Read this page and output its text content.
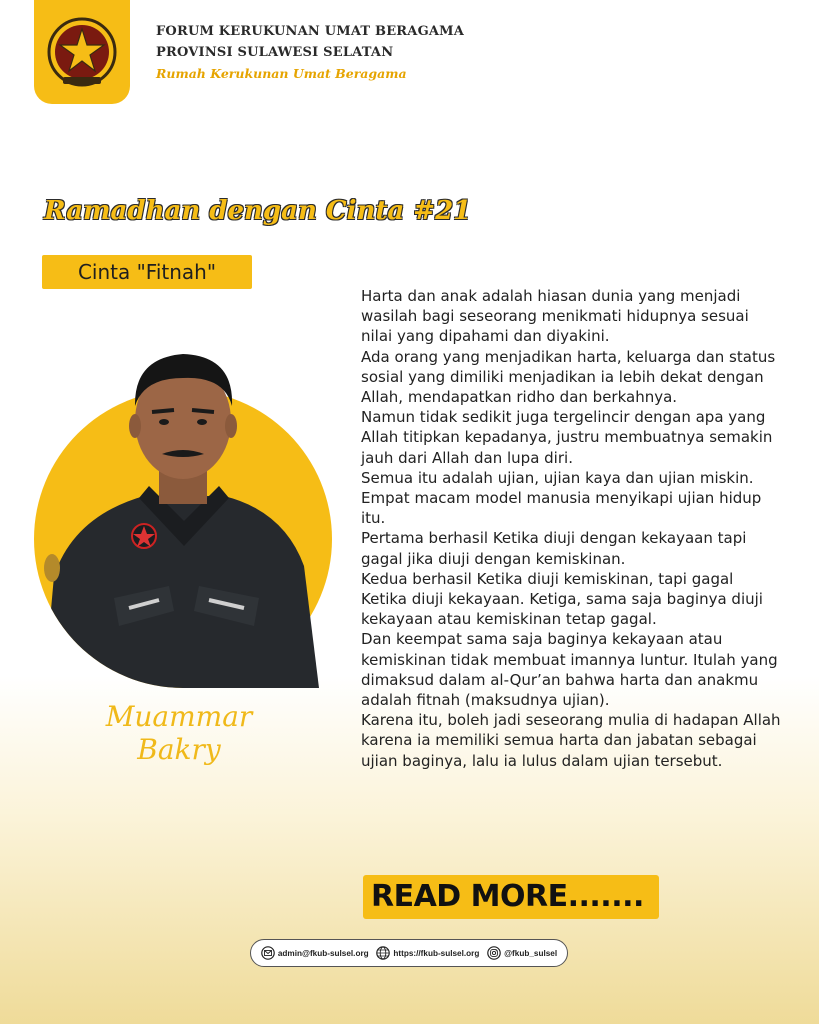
FORUM KERUKUNAN UMAT BERAGAMA
PROVINSI SULAWESI SELATAN
Rumah Kerukunan Umat Beragama
Ramadhan dengan Cinta #21
Cinta "Fitnah"
Muammar Bakry

Harta dan anak adalah hiasan dunia yang menjadi wasilah bagi seseorang menikmati hidupnya sesuai nilai yang dipahami dan diyakini.

Ada orang yang menjadikan harta, keluarga dan status sosial yang dimiliki menjadikan ia lebih dekat dengan Allah, mendapatkan ridho dan berkahnya.

Namun tidak sedikit juga tergelincir dengan apa yang Allah titipkan kepadanya, justru membuatnya semakin jauh dari Allah dan lupa diri.

Semua itu adalah ujian, ujian kaya dan ujian miskin. Empat macam model manusia menyikapi ujian hidup itu.

Pertama berhasil Ketika diuji dengan kekayaan tapi gagal jika diuji dengan kemiskinan.

Kedua berhasil Ketika diuji kemiskinan, tapi gagal Ketika diuji kekayaan. Ketiga, sama saja baginya diuji kekayaan atau kemiskinan tetap gagal.

Dan keempat sama saja baginya kekayaan atau kemiskinan tidak membuat imannya luntur. Itulah yang dimaksud dalam al-Qur’an bahwa harta dan anakmu adalah fitnah (maksudnya ujian).

Karena itu, boleh jadi seseorang mulia di hadapan Allah karena ia memiliki semua harta dan jabatan sebagai ujian baginya, lalu ia lulus dalam ujian tersebut.

READ MORE.......
admin@fkub-sulsel.org	https://fkub-sulsel.org	@fkub_sulsel
